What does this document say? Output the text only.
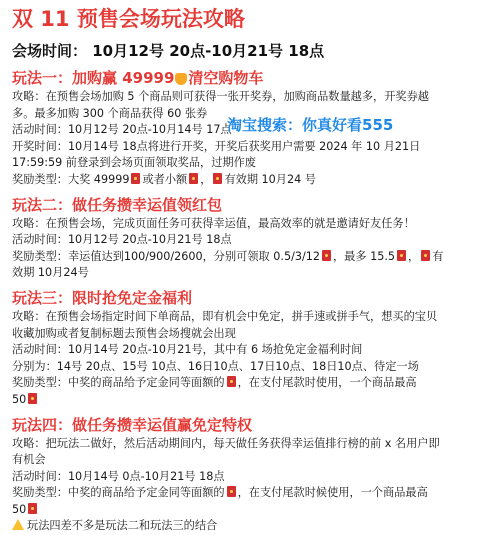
双 11 预售会场玩法攻略

会场时间： 10月12号 20点-10月21号 18点

淘宝搜索：你真好看555

玩法一：加购赢 49999 清空购物车

攻略：在预售会场加购 5 个商品则可获得一张开奖券，加购商品数量越多，开奖券越

多。最多加购 300 个商品获得 60 张券

活动时间：10月12号 20点-10月14号 17点

开奖时间：10月14号 18点将进行开奖，开奖后获奖用户需要 2024 年 10 月21日

17:59:59 前登录到会场页面领取奖品，过期作废

奖励类型：大奖 49999 或者小额 ， 有效期 10月24 号

玩法二：做任务攒幸运值领红包

攻略：在预售会场，完成页面任务可获得幸运值，最高效率的就是邀请好友任务！

活动时间：10月12号 20点-10月21号 18点

奖励类型：幸运值达到100/900/2600，分别可领取 0.5/3/12 ，最多 15.5 ， 有

效期 10月24号

玩法三：限时抢免定金福利

攻略：在预售会场指定时间下单商品，即有机会中免定，拼手速或拼手气，想买的宝贝

收藏加购或者复制标题去预售会场搜就会出现

活动时间：10月14号 20点-10月21号，其中有 6 场抢免定金福利时间

分别为：14号 20点、15号 10点、16日10点、17日10点、18日10点、待定一场

奖励类型：中奖的商品给予定金同等面额的 ，在支付尾款时使用，一个商品最高

50

玩法四：做任务攒幸运值赢免定特权

攻略：把玩法二做好，然后活动期间内，每天做任务获得幸运值排行榜的前 x 名用户即

有机会

活动时间：10月14号 0点-10月21号 18点

奖励类型：中奖的商品给予定金同等面额的 ，在支付尾款时候使用，一个商品最高

50

玩法四差不多是玩法二和玩法三的结合
